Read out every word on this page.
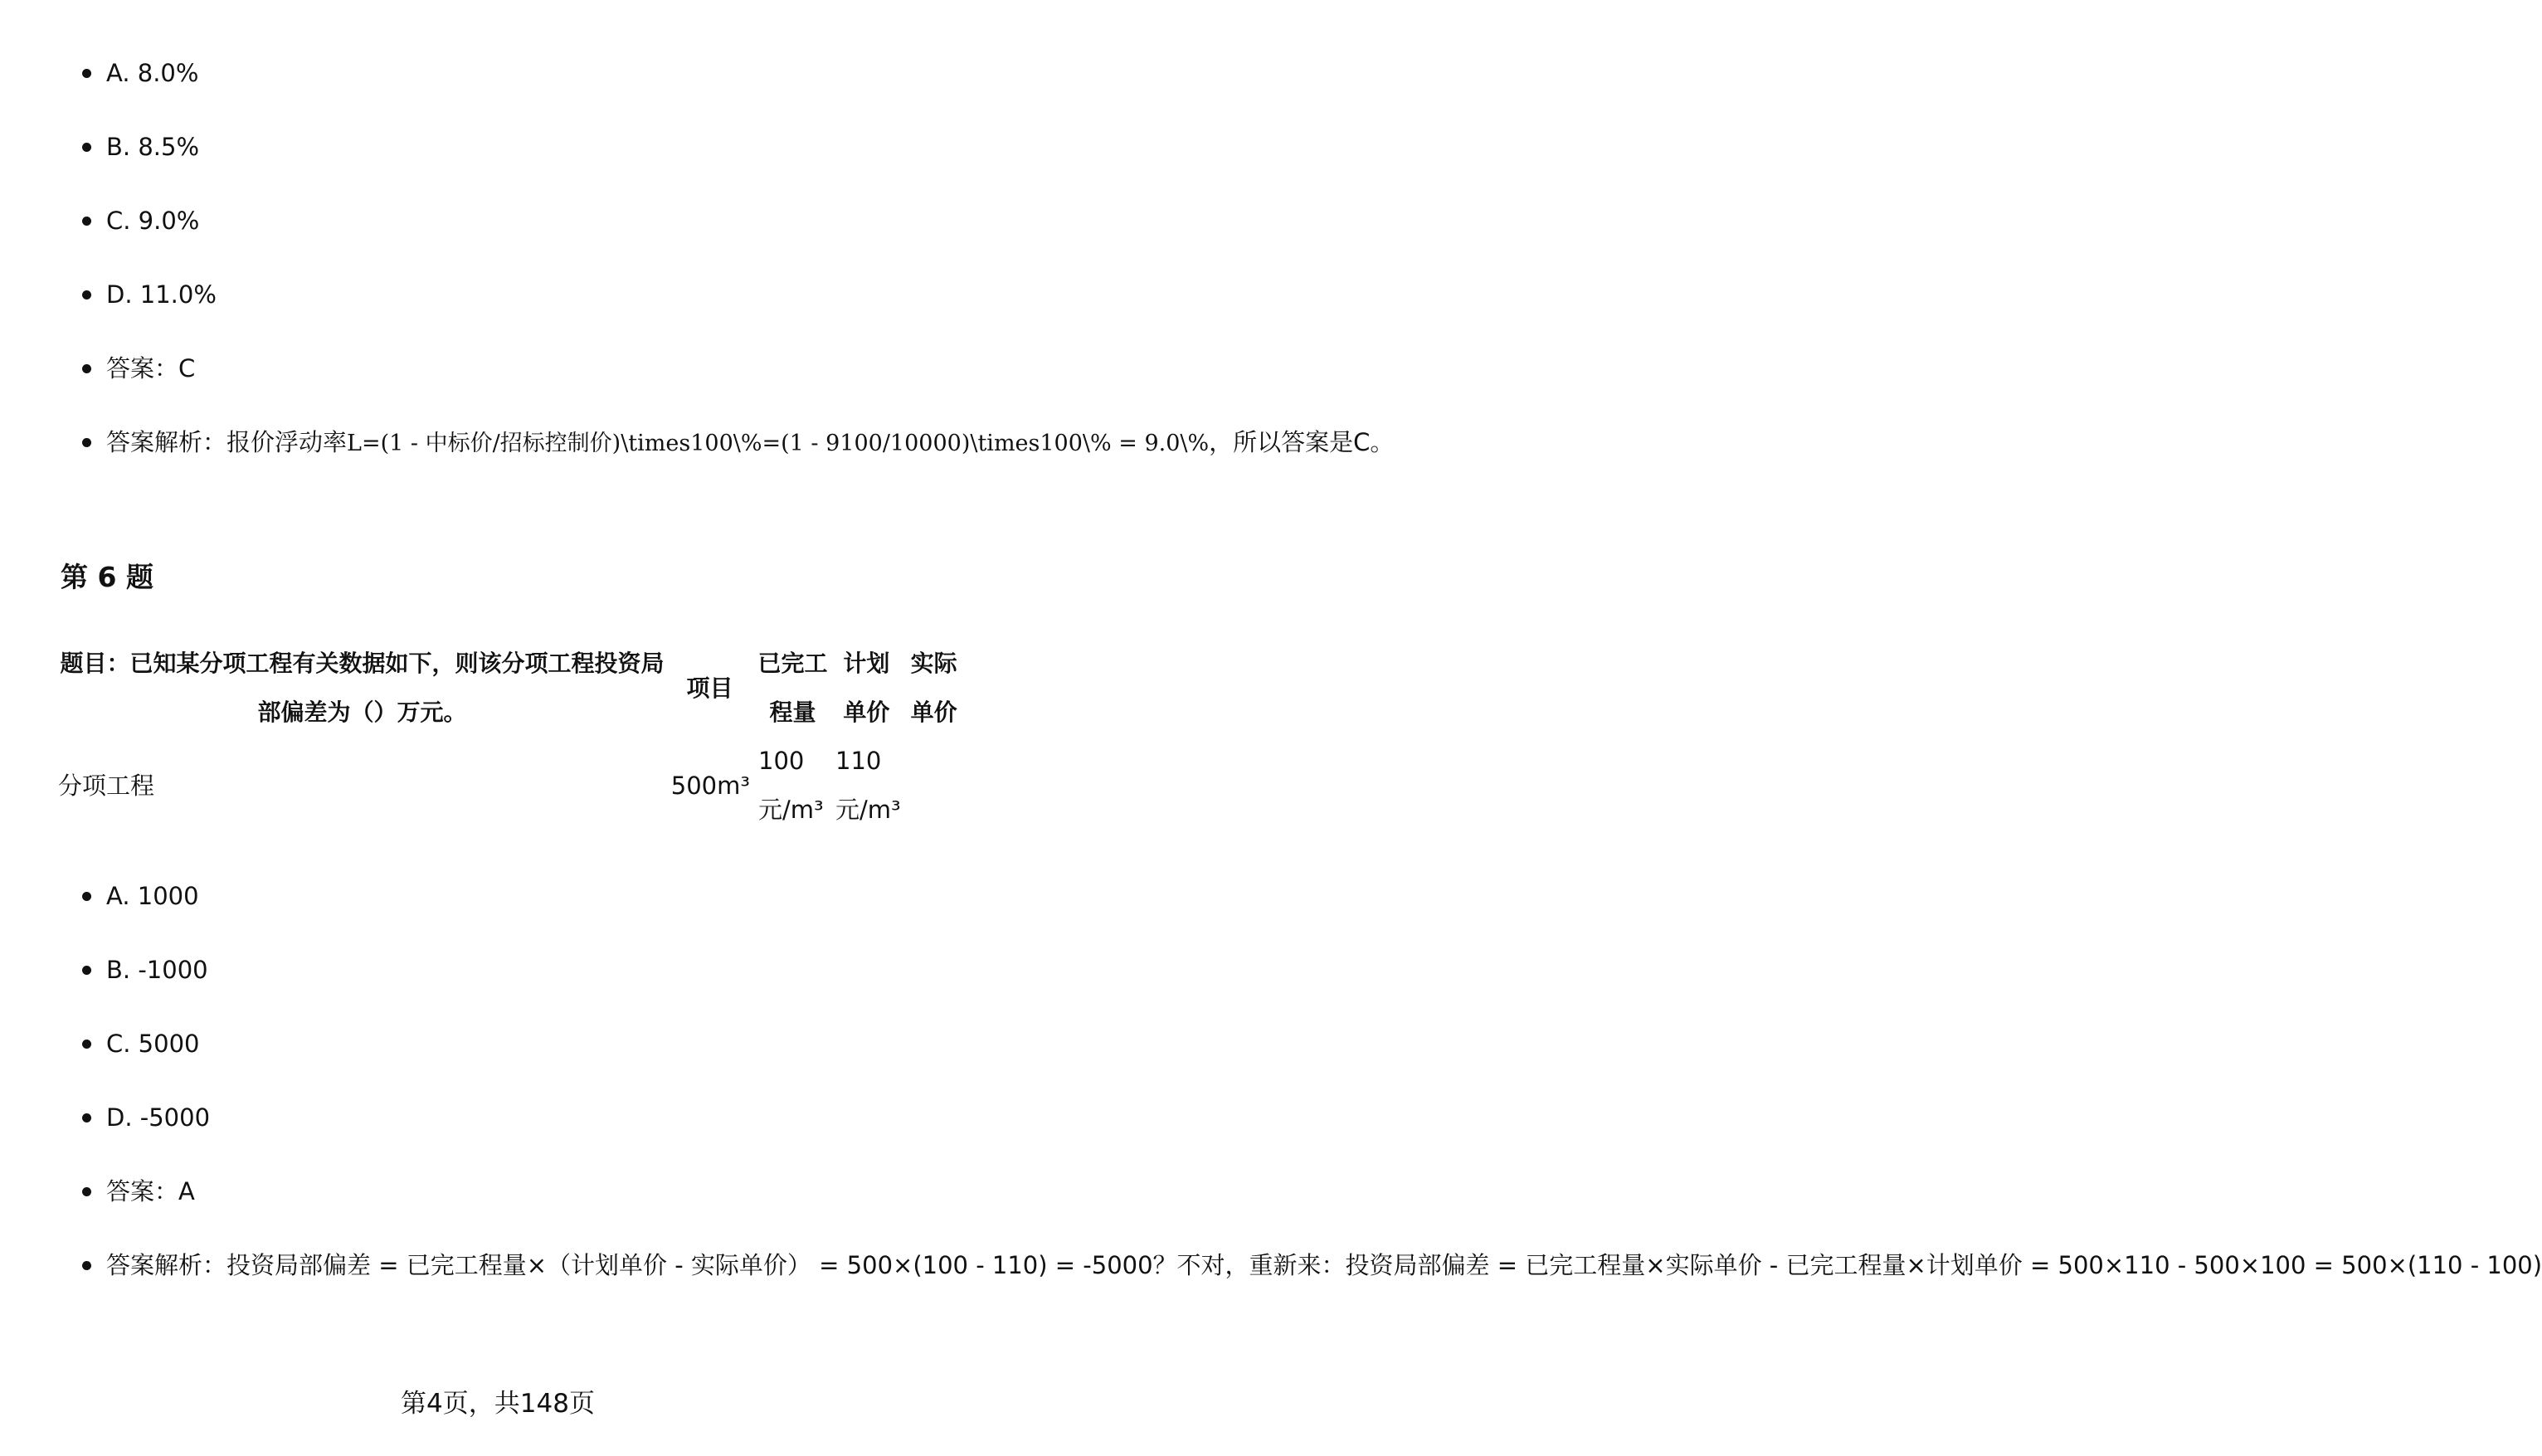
A. 8.0%
B. 8.5%
C. 9.0%
D. 11.0%
答案：C
答案解析：报价浮动率L=(1 - 中标价/招标控制价)\times100\%=(1 - 9100/10000)\times100\% = 9.0\%，所以答案是C。
第 6 题
题目：已知某分项工程有关数据如下，则该分项工程投资局部偏差为（）万元。	项目	已完工程量	计划单价	实际单价
分项工程	500m³	100元/m³	110元/m³	
A. 1000
B. -1000
C. 5000
D. -5000
答案：A
答案解析：投资局部偏差 = 已完工程量×（计划单价 - 实际单价） = 500×(100 - 110) = -5000？不对，重新来：投资局部偏差 = 已完工程量×实际单价 - 已完工程量×计划单价 = 500×110 - 500×100 = 500×(110 - 100)
第4页，共148页
